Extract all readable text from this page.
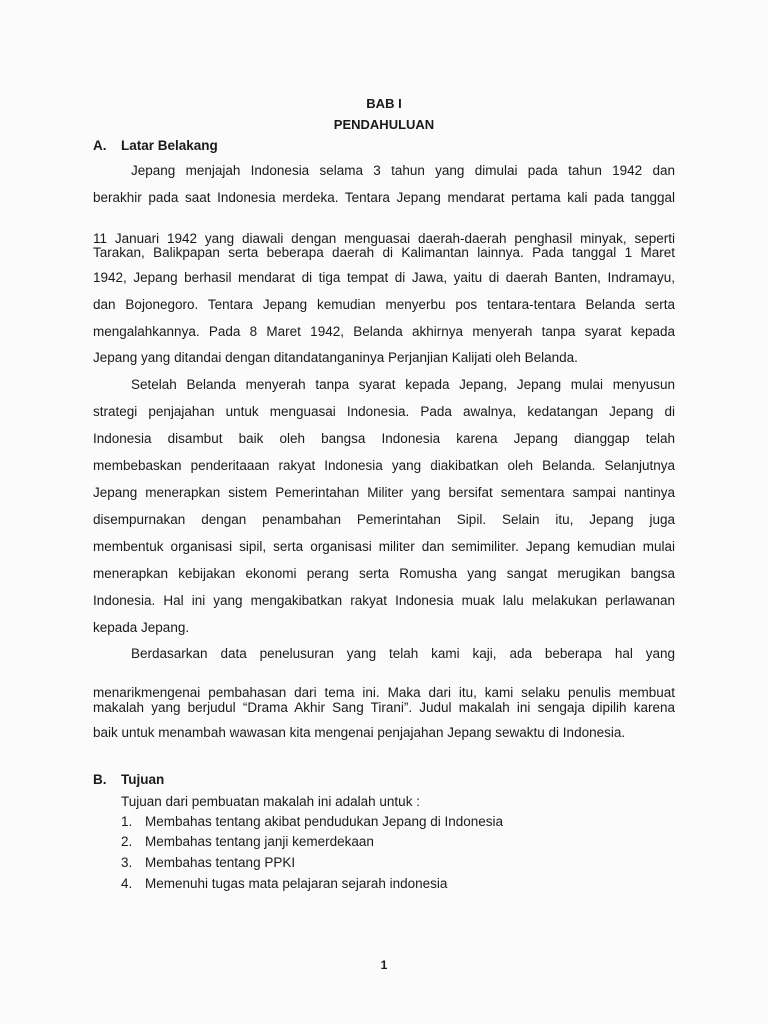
BAB I
PENDAHULUAN
A. Latar Belakang
Jepang menjajah Indonesia selama 3 tahun yang dimulai pada tahun 1942 dan
berakhir pada saat Indonesia merdeka. Tentara Jepang mendarat pertama kali pada tanggal
11 Januari 1942 yang diawali dengan menguasai daerah-daerah penghasil minyak, seperti
Tarakan, Balikpapan serta beberapa daerah di Kalimantan lainnya. Pada tanggal 1 Maret
1942, Jepang berhasil mendarat di tiga tempat di Jawa, yaitu di daerah Banten, Indramayu,
dan Bojonegoro. Tentara Jepang kemudian menyerbu pos tentara-tentara Belanda serta
mengalahkannya. Pada 8 Maret 1942, Belanda akhirnya menyerah tanpa syarat kepada
Jepang yang ditandai dengan ditandatanganinya Perjanjian Kalijati oleh Belanda.
Setelah Belanda menyerah tanpa syarat kepada Jepang, Jepang mulai menyusun
strategi penjajahan untuk menguasai Indonesia. Pada awalnya, kedatangan Jepang di
Indonesia disambut baik oleh bangsa Indonesia karena Jepang dianggap telah
membebaskan penderitaaan rakyat Indonesia yang diakibatkan oleh Belanda. Selanjutnya
Jepang menerapkan sistem Pemerintahan Militer yang bersifat sementara sampai nantinya
disempurnakan dengan penambahan Pemerintahan Sipil. Selain itu, Jepang juga
membentuk organisasi sipil, serta organisasi militer dan semimiliter. Jepang kemudian mulai
menerapkan kebijakan ekonomi perang serta Romusha yang sangat merugikan bangsa
Indonesia. Hal ini yang mengakibatkan rakyat Indonesia muak lalu melakukan perlawanan
kepada Jepang.
Berdasarkan data penelusuran yang telah kami kaji, ada beberapa hal yang
menarikmengenai pembahasan dari tema ini. Maka dari itu, kami selaku penulis membuat
makalah yang berjudul “Drama Akhir Sang Tirani”. Judul makalah ini sengaja dipilih karena
baik untuk menambah wawasan kita mengenai penjajahan Jepang sewaktu di Indonesia.
B. Tujuan
Tujuan dari pembuatan makalah ini adalah untuk :
1. Membahas tentang akibat pendudukan Jepang di Indonesia
2. Membahas tentang janji kemerdekaan
3. Membahas tentang PPKI
4. Memenuhi tugas mata pelajaran sejarah indonesia
1
